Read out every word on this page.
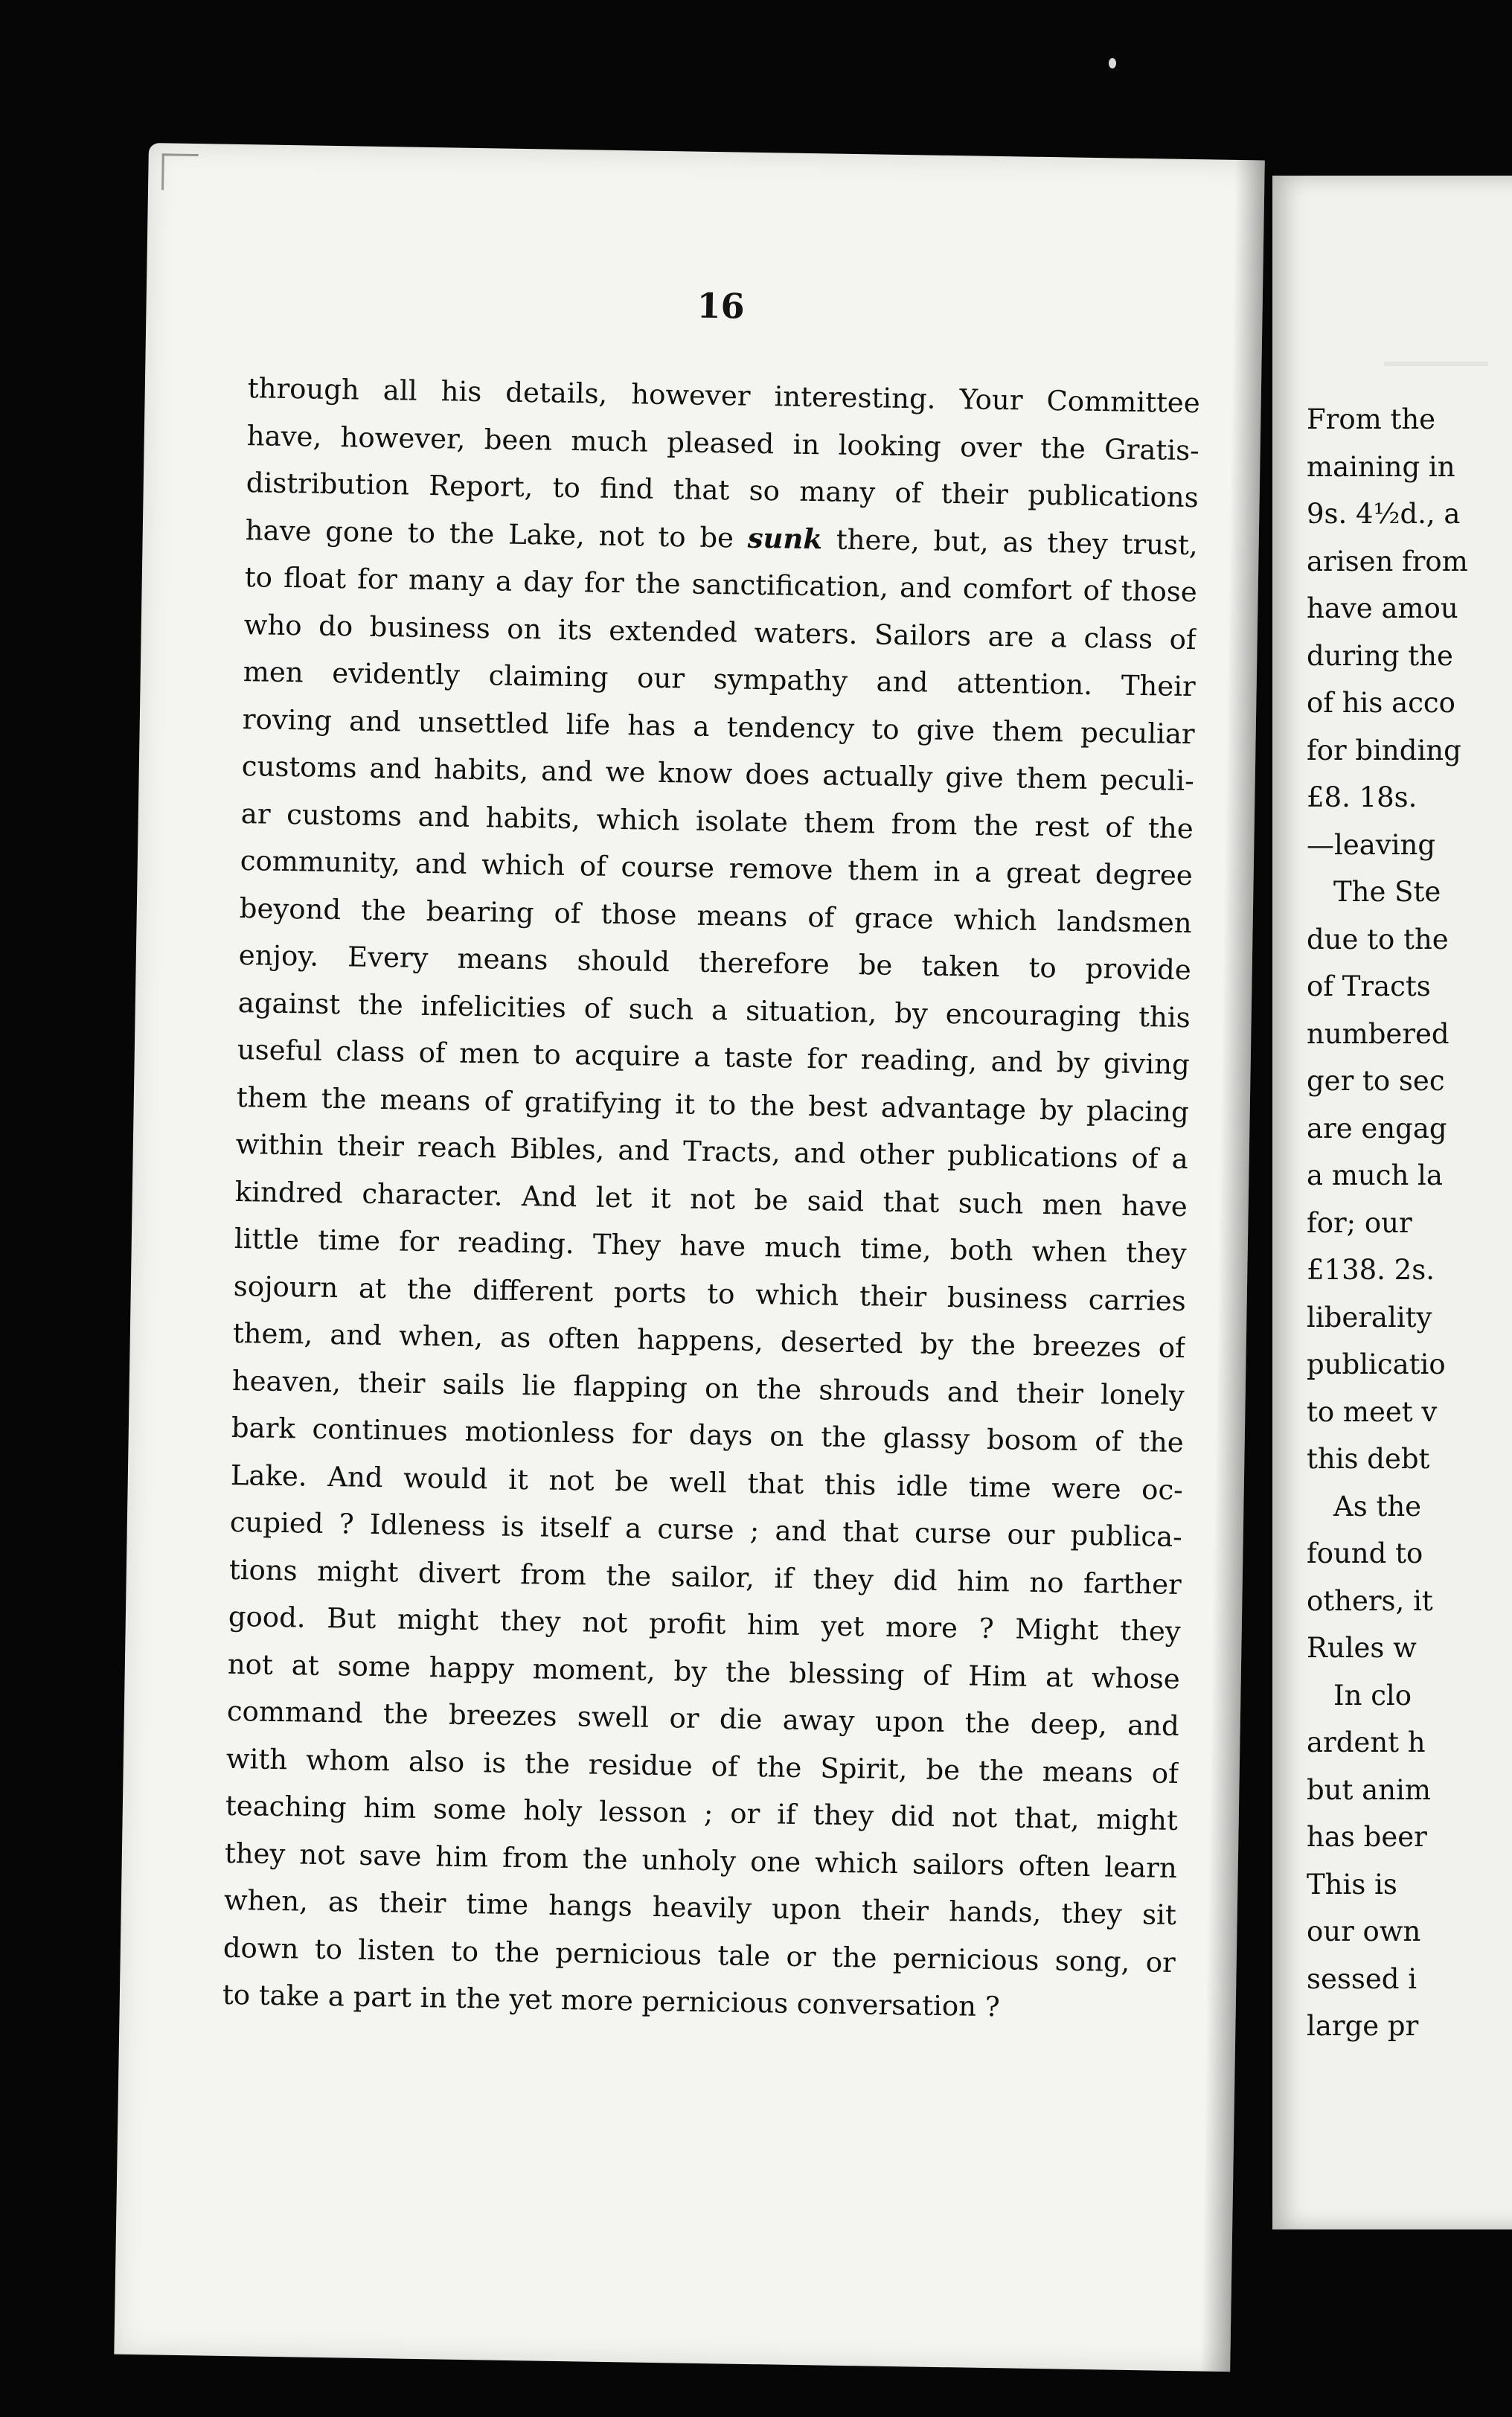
16
through all his details, however interesting. Your Committee
have, however, been much pleased in looking over the Gratis-
distribution Report, to find that so many of their publications
have gone to the Lake, not to be sunk there, but, as they trust,
to float for many a day for the sanctification, and comfort of those
who do business on its extended waters. Sailors are a class of
men evidently claiming our sympathy and attention. Their
roving and unsettled life has a tendency to give them peculiar
customs and habits, and we know does actually give them peculi-
ar customs and habits, which isolate them from the rest of the
community, and which of course remove them in a great degree
beyond the bearing of those means of grace which landsmen
enjoy. Every means should therefore be taken to provide
against the infelicities of such a situation, by encouraging this
useful class of men to acquire a taste for reading, and by giving
them the means of gratifying it to the best advantage by placing
within their reach Bibles, and Tracts, and other publications of a
kindred character. And let it not be said that such men have
little time for reading. They have much time, both when they
sojourn at the different ports to which their business carries
them, and when, as often happens, deserted by the breezes of
heaven, their sails lie flapping on the shrouds and their lonely
bark continues motionless for days on the glassy bosom of the
Lake. And would it not be well that this idle time were oc-
cupied ? Idleness is itself a curse ; and that curse our publica-
tions might divert from the sailor, if they did him no farther
good. But might they not profit him yet more ? Might they
not at some happy moment, by the blessing of Him at whose
command the breezes swell or die away upon the deep, and
with whom also is the residue of the Spirit, be the means of
teaching him some holy lesson ; or if they did not that, might
they not save him from the unholy one which sailors often learn
when, as their time hangs heavily upon their hands, they sit
down to listen to the pernicious tale or the pernicious song, or
to take a part in the yet more pernicious conversation ?
From the
maining in
9s. 4½d., a
arisen from
have amou
during the
of his acco
for binding
£8. 18s.
—leaving
The Ste
due to the
of Tracts
numbered
ger to sec
are engag
a much la
for; our
£138. 2s.
liberality
publicatio
to meet v
this debt
As the
found to
others, it
Rules w
In clo
ardent h
but anim
has beer
This is
our own
sessed i
large pr
